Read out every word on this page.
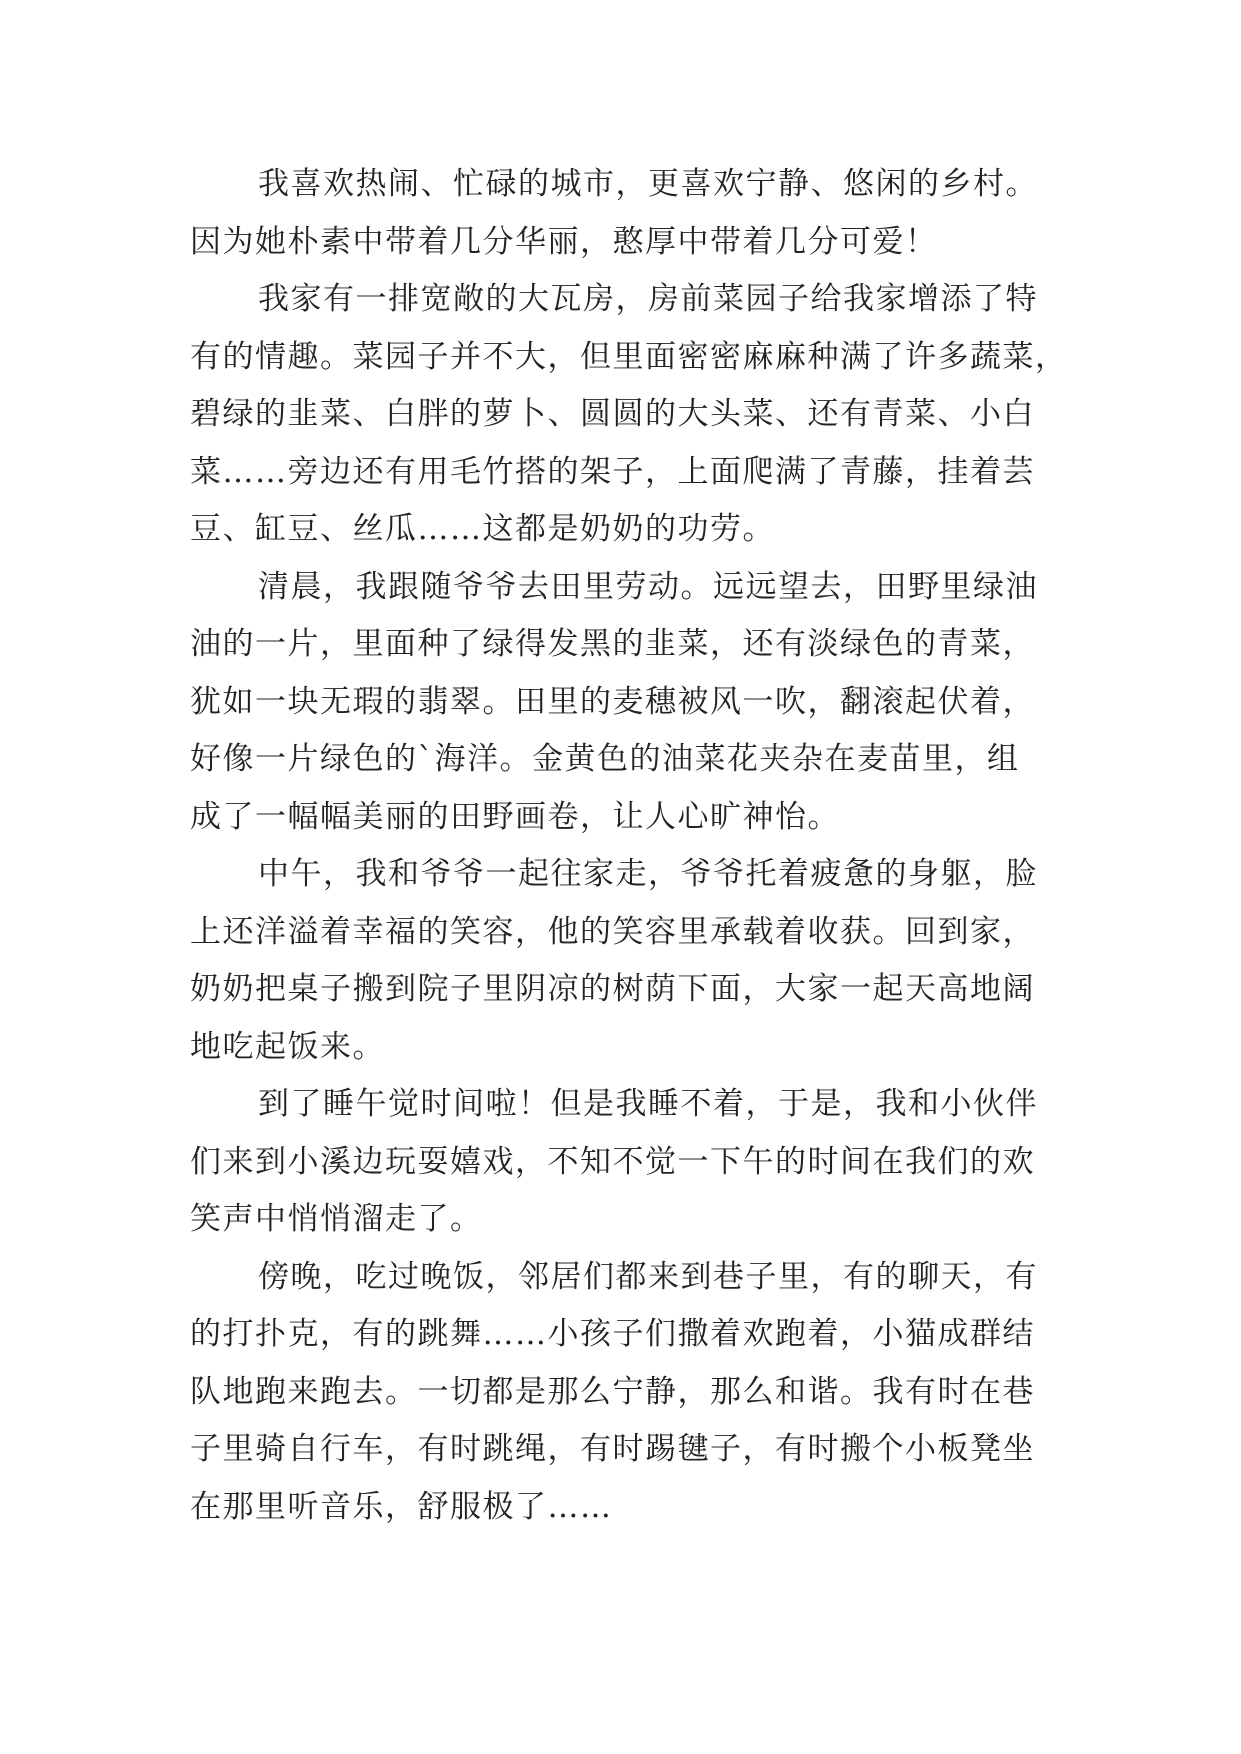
我喜欢热闹、忙碌的城市，更喜欢宁静、悠闲的乡村。
因为她朴素中带着几分华丽，憨厚中带着几分可爱！
我家有一排宽敞的大瓦房，房前菜园子给我家增添了特
有的情趣。菜园子并不大，但里面密密麻麻种满了许多蔬菜，
碧绿的韭菜、白胖的萝卜、圆圆的大头菜、还有青菜、小白
菜……旁边还有用毛竹搭的架子，上面爬满了青藤，挂着芸
豆、缸豆、丝瓜……这都是奶奶的功劳。
清晨，我跟随爷爷去田里劳动。远远望去，田野里绿油
油的一片，里面种了绿得发黑的韭菜，还有淡绿色的青菜，
犹如一块无瑕的翡翠。田里的麦穗被风一吹，翻滚起伏着，
好像一片绿色的`海洋。金黄色的油菜花夹杂在麦苗里，组
成了一幅幅美丽的田野画卷，让人心旷神怡。
中午，我和爷爷一起往家走，爷爷托着疲惫的身躯，脸
上还洋溢着幸福的笑容，他的笑容里承载着收获。回到家，
奶奶把桌子搬到院子里阴凉的树荫下面，大家一起天高地阔
地吃起饭来。
到了睡午觉时间啦！但是我睡不着，于是，我和小伙伴
们来到小溪边玩耍嬉戏，不知不觉一下午的时间在我们的欢
笑声中悄悄溜走了。
傍晚，吃过晚饭，邻居们都来到巷子里，有的聊天，有
的打扑克，有的跳舞……小孩子们撒着欢跑着，小猫成群结
队地跑来跑去。一切都是那么宁静，那么和谐。我有时在巷
子里骑自行车，有时跳绳，有时踢毽子，有时搬个小板凳坐
在那里听音乐，舒服极了……
